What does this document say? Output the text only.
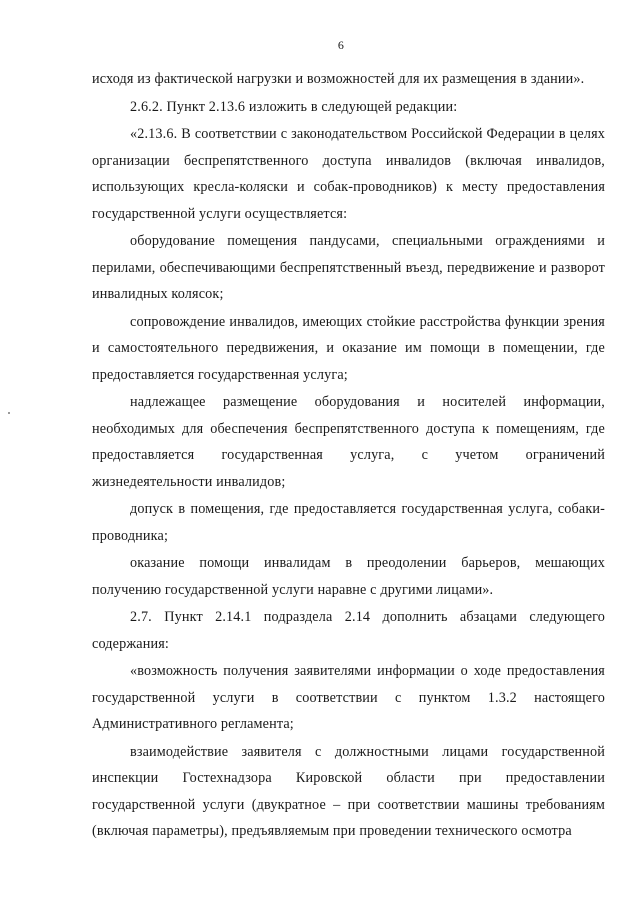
6

исходя из фактической нагрузки и возможностей для их размещения в здании».

2.6.2. Пункт 2.13.6 изложить в следующей редакции:

«2.13.6. В соответствии с законодательством Российской Федерации в целях организации беспрепятственного доступа инвалидов (включая инвалидов, использующих кресла-коляски и собак-проводников) к месту предоставления государственной услуги осуществляется:

оборудование помещения пандусами, специальными ограждениями и перилами, обеспечивающими беспрепятственный въезд, передвижение и разворот инвалидных колясок;

сопровождение инвалидов, имеющих стойкие расстройства функции зрения и самостоятельного передвижения, и оказание им помощи в помещении, где предоставляется государственная услуга;

надлежащее размещение оборудования и носителей информации, необходимых для обеспечения беспрепятственного доступа к помещениям, где предоставляется государственная услуга, с учетом ограничений жизнедеятельности инвалидов;

допуск в помещения, где предоставляется государственная услуга, собаки-проводника;

оказание помощи инвалидам в преодолении барьеров, мешающих получению государственной услуги наравне с другими лицами».

2.7. Пункт 2.14.1 подраздела 2.14 дополнить абзацами следующего содержания:

«возможность получения заявителями информации о ходе предоставления государственной услуги в соответствии с пунктом 1.3.2 настоящего Административного регламента;

взаимодействие заявителя с должностными лицами государственной инспекции Гостехнадзора Кировской области при предоставлении государственной услуги (двукратное – при соответствии машины требованиям (включая параметры), предъявляемым при проведении технического осмотра
